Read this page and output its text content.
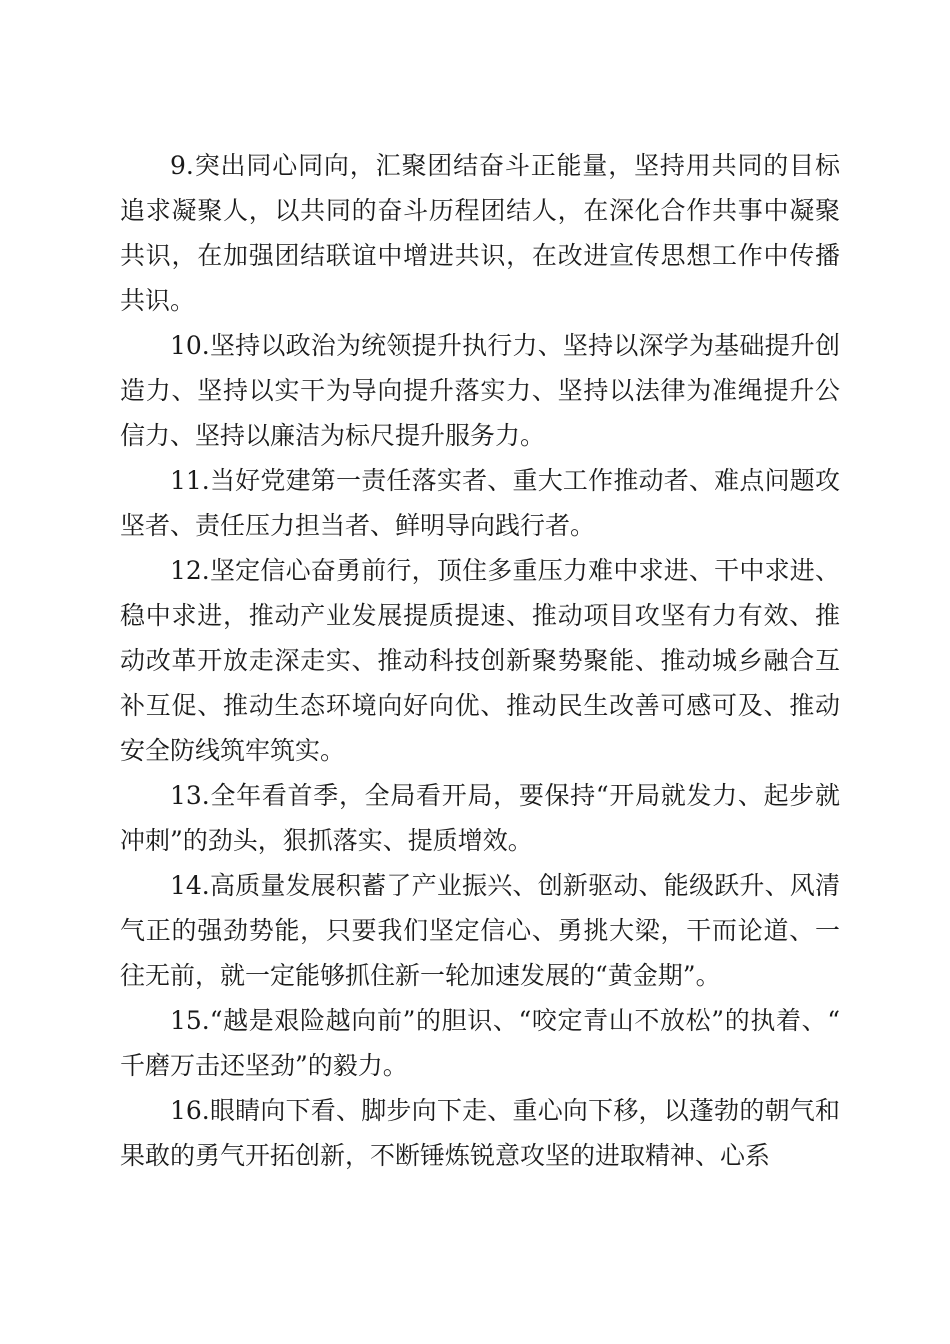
9.突出同心同向，汇聚团结奋斗正能量，坚持用共同的目标追求凝聚人，以共同的奋斗历程团结人，在深化合作共事中凝聚共识，在加强团结联谊中增进共识，在改进宣传思想工作中传播共识。

10.坚持以政治为统领提升执行力、坚持以深学为基础提升创造力、坚持以实干为导向提升落实力、坚持以法律为准绳提升公信力、坚持以廉洁为标尺提升服务力。

11.当好党建第一责任落实者、重大工作推动者、难点问题攻坚者、责任压力担当者、鲜明导向践行者。

12.坚定信心奋勇前行，顶住多重压力难中求进、干中求进、稳中求进，推动产业发展提质提速、推动项目攻坚有力有效、推动改革开放走深走实、推动科技创新聚势聚能、推动城乡融合互补互促、推动生态环境向好向优、推动民生改善可感可及、推动安全防线筑牢筑实。

13.全年看首季，全局看开局，要保持“开局就发力、起步就冲刺”的劲头，狠抓落实、提质增效。

14.高质量发展积蓄了产业振兴、创新驱动、能级跃升、风清气正的强劲势能，只要我们坚定信心、勇挑大梁，干而论道、一往无前，就一定能够抓住新一轮加速发展的“黄金期”。

15.“越是艰险越向前”的胆识、“咬定青山不放松”的执着、“千磨万击还坚劲”的毅力。

16.眼睛向下看、脚步向下走、重心向下移，以蓬勃的朝气和果敢的勇气开拓创新，不断锤炼锐意攻坚的进取精神、心系
